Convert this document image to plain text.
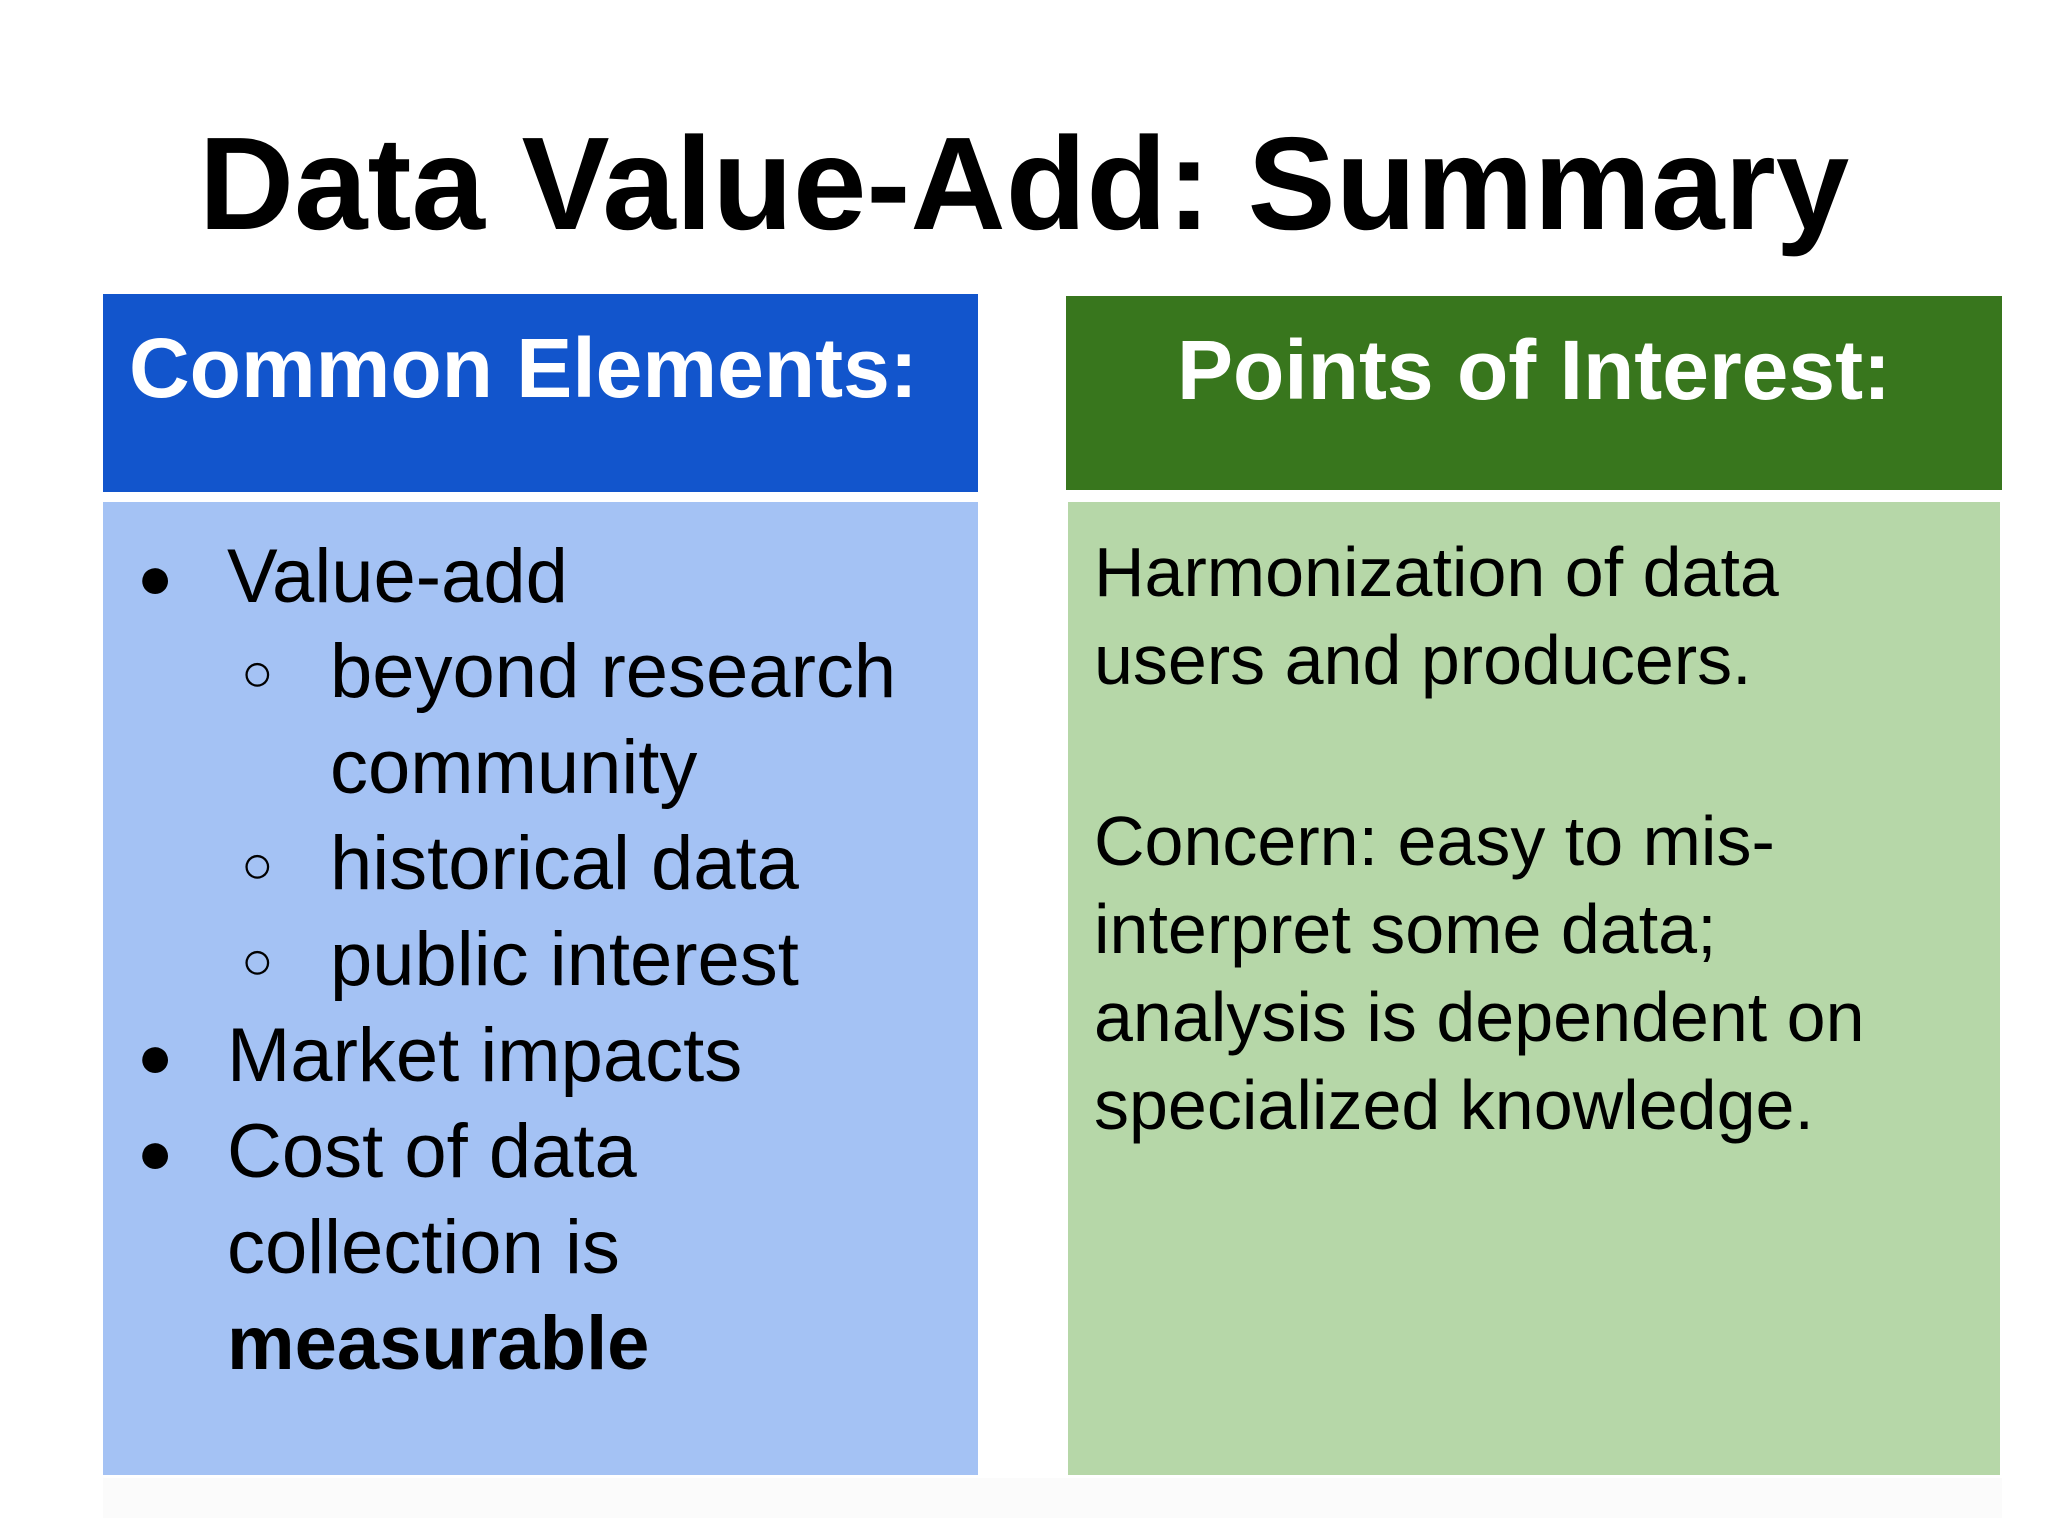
Data Value-Add: Summary
Common Elements:
● Value-add
○ beyond research
community
○ historical data
○ public interest
● Market impacts
● Cost of data
collection is
measurable
Points of Interest:
Harmonization of data
users and producers.
Concern: easy to mis-
interpret some data;
analysis is dependent on
specialized knowledge.
